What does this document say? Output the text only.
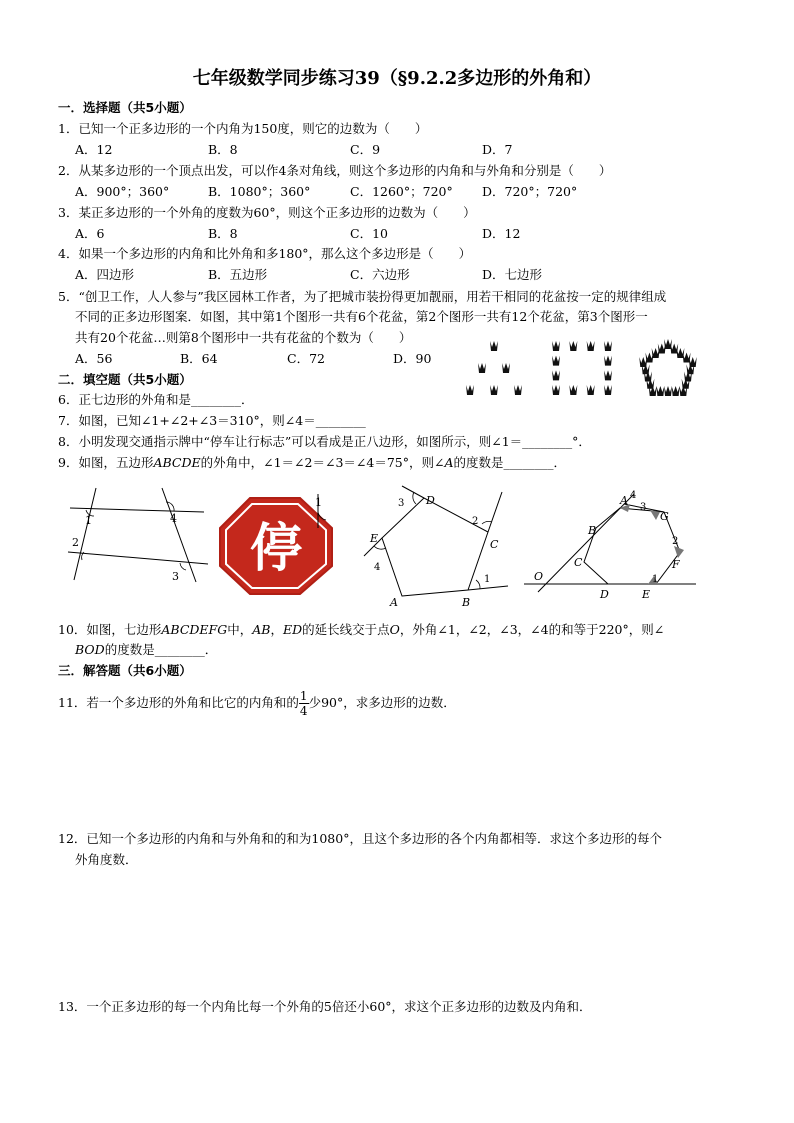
七年级数学同步练习39（§9.2.2多边形的外角和）
一．选择题（共5小题）
1．已知一个正多边形的一个内角为150度，则它的边数为（　　）
A．12	B．8	C．9	D．7
2．从某多边形的一个顶点出发，可以作4条对角线，则这个多边形的内角和与外角和分别是（　　）
A．900°；360°	B．1080°；360°	C．1260°；720° D．720°；720°
3．某正多边形的一个外角的度数为60°，则这个正多边形的边数为（　　）
A．6	B．8	C．10	D．12
4．如果一个多边形的内角和比外角和多180°，那么这个多边形是（　　）
A．四边形	B．五边形	C．六边形	D．七边形
5．“创卫工作，人人参与”我区园林工作者，为了把城市装扮得更加靓丽，用若干相同的花盆按一定的规律组成
不同的正多边形图案．如图，其中第1个图形一共有6个花盆，第2个图形一共有12个花盆，第3个图形一
共有20个花盆…则第8个图形中一共有花盆的个数为（　　）
A．56	B．64	C．72	D．90
二．填空题（共5小题）
6．正七边形的外角和是________．
7．如图，已知∠1+∠2+∠3＝310°，则∠4＝________
8．小明发现交通指示牌中“停车让行标志”可以看成是正八边形，如图所示，则∠1＝________°．
9．如图，五边形ABCDE的外角中，∠1＝∠2＝∠3＝∠4＝75°，则∠A的度数是________．
1
2
3
4
停
1
A	B
C
D
E
1
2
3
4
A
B
C
D	E
F
G
O	1
2
3
4
10．如图，七边形ABCDEFG中，AB，ED的延长线交于点O，外角∠1，∠2，∠3，∠4的和等于220°，则∠
BOD的度数是________．
三．解答题（共6小题）
11．若一个多边形的外角和比它的内角和的 $\frac{1}{4}$ 少90°，求多边形的边数．
12．已知一个多边形的内角和与外角和的和为1080°，且这个多边形的各个内角都相等．求这个多边形的每个
外角度数．
13．一个正多边形的每一个内角比每一个外角的5倍还小60°，求这个正多边形的边数及内角和．
